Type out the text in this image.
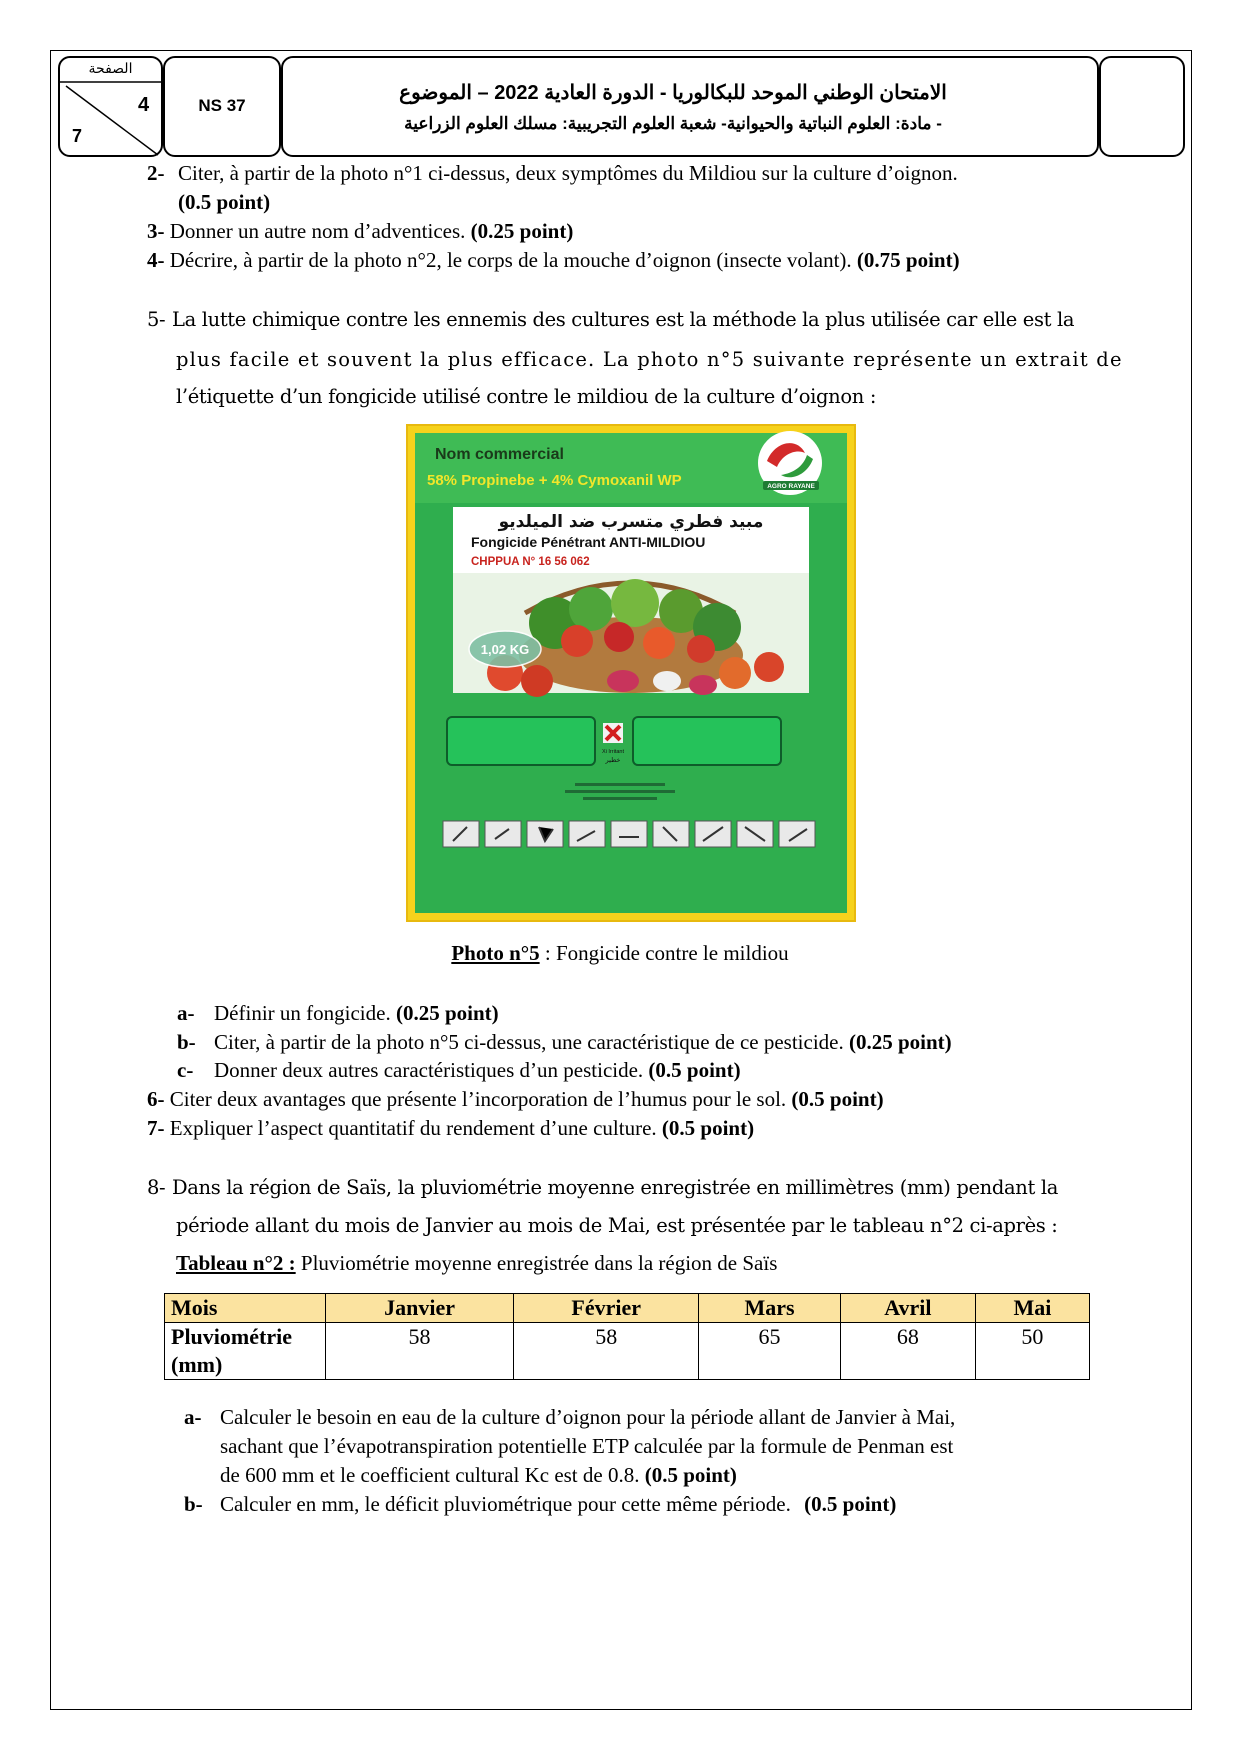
الصفحة
4
7
NS 37
الامتحان الوطني الموحد للبكالوريا - الدورة العادية 2022 – الموضوع
- مادة: العلوم النباتية والحيوانية- شعبة العلوم التجريبية: مسلك العلوم الزراعية
2- Citer, à partir de la photo n°1 ci-dessus, deux symptômes du Mildiou sur la culture d’oignon.
(0.5 point)
3- Donner un autre nom d’adventices. (0.25 point)
4- Décrire, à partir de la photo n°2, le corps de la mouche d’oignon (insecte volant). (0.75 point)
5- La lutte chimique contre les ennemis des cultures est la méthode la plus utilisée car elle est la
plus facile et souvent la plus efficace. La photo n°5 suivante représente un extrait de
l’étiquette d’un fongicide utilisé contre le mildiou de la culture d’oignon :
Nom commercial
58% Propinebe + 4% Cymoxanil WP	AGRO RAYANE
مبيد فطري متسرب ضد الميلديو
Fongicide Pénétrant ANTI-MILDIOU
CHPPUA N° 16 56 062
1,02 KG
Xi Irritant
خطير
Photo n°5 : Fongicide contre le mildiou
a- Définir un fongicide. (0.25 point)
b- Citer, à partir de la photo n°5 ci-dessus, une caractéristique de ce pesticide. (0.25 point)
c- Donner deux autres caractéristiques d’un pesticide. (0.5 point)
6- Citer deux avantages que présente l’incorporation de l’humus pour le sol. (0.5 point)
7- Expliquer l’aspect quantitatif du rendement d’une culture. (0.5 point)
8- Dans la région de Saïs, la pluviométrie moyenne enregistrée en millimètres (mm) pendant la
période allant du mois de Janvier au mois de Mai, est présentée par le tableau n°2 ci-après :
Tableau n°2 : Pluviométrie moyenne enregistrée dans la région de Saïs
Mois	Janvier	Février	Mars	Avril	Mai
Pluviométrie
(mm)	58	58	65	68	50
a- Calculer le besoin en eau de la culture d’oignon pour la période allant de Janvier à Mai,
sachant que l’évapotranspiration potentielle ETP calculée par la formule de Penman est
de 600 mm et le coefficient cultural Kc est de 0.8. (0.5 point)
b- Calculer en mm, le déficit pluviométrique pour cette même période. (0.5 point)
